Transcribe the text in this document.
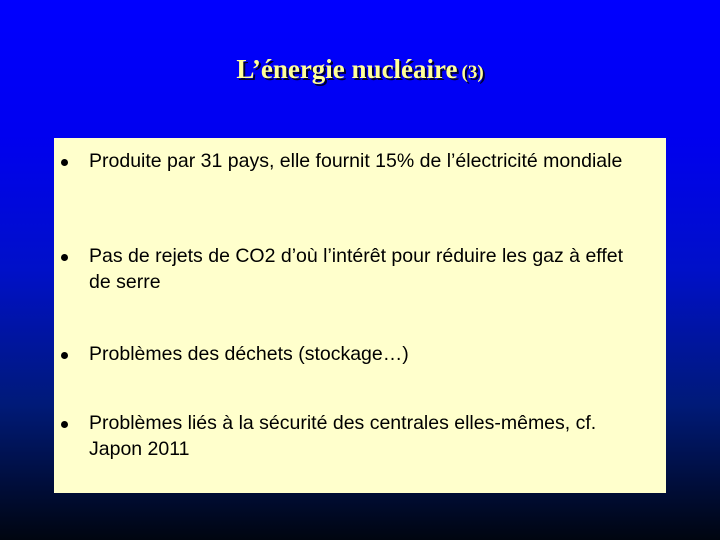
L’énergie nucléaire (3)
Produite par 31 pays, elle fournit 15% de l’électricité mondiale
Pas de rejets de CO2 d’où l’intérêt pour réduire les gaz à effet de serre
Problèmes des déchets (stockage…)
Problèmes liés à la sécurité des centrales elles-mêmes, cf. Japon 2011
